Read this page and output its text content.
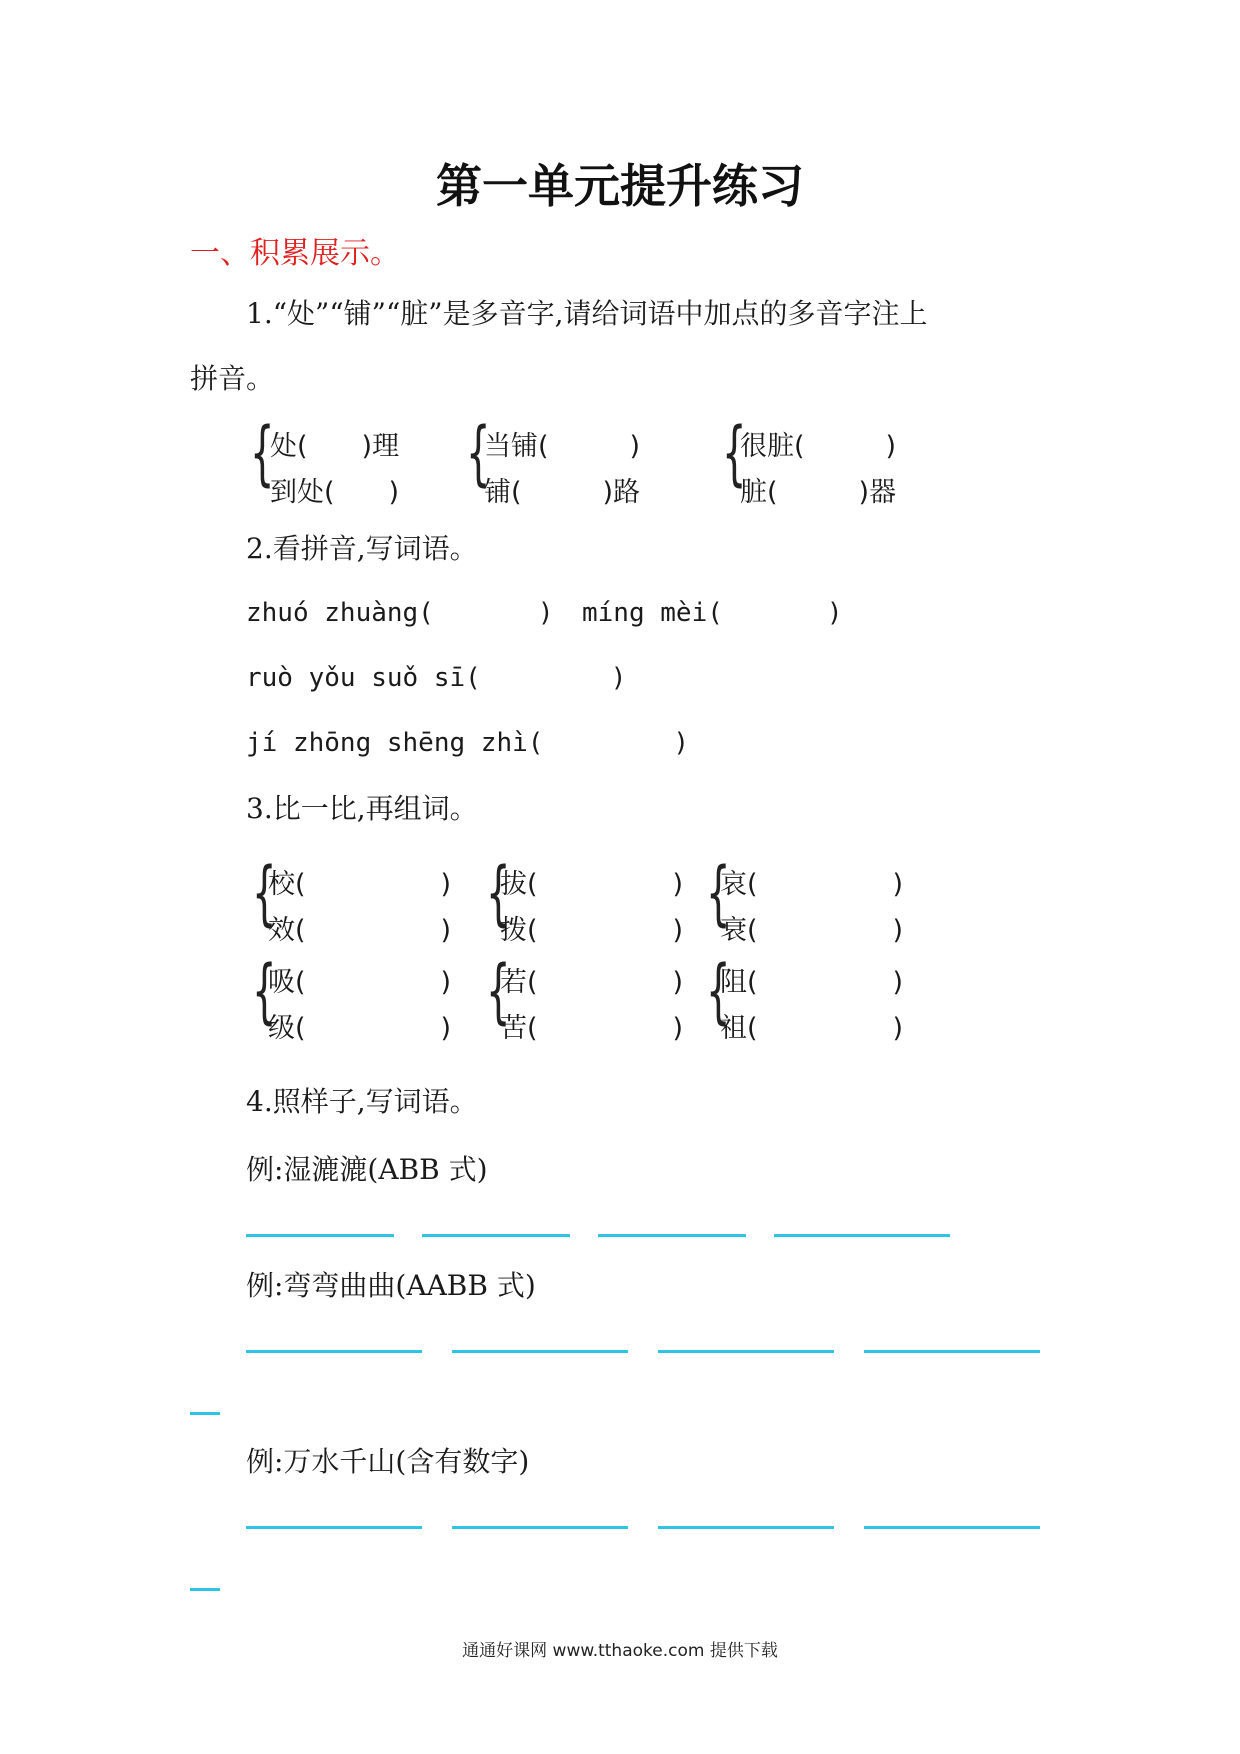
第一单元提升练习
一、积累展示。
1.“处”“铺”“脏”是多音字,请给词语中加点的多音字注上
拼音。
{
处(　　)理
到处(　　) {
当铺(　　　)
铺(　　　)路 {
很脏(　　　)
脏(　　　)器
2.看拼音,写词语。
zhuó zhuàng(　　　　) míng mèi(　　　　)
ruò yǒu suǒ sī(　　　　　)
jí zhōng shēng zhì(　　　　　)
3.比一比,再组词。
{
校(　　　　　)
效(　　　　　) {
拔(　　　　　)
拨(　　　　　) {
哀(　　　　　)
衰(　　　　　)
{
吸(　　　　　)
级(　　　　　) {
若(　　　　　)
苦(　　　　　) {
阻(　　　　　)
祖(　　　　　)
4.照样子,写词语。
例:湿漉漉(ABB 式)
例:弯弯曲曲(AABB 式)
例:万水千山(含有数字)
通通好课网 www.tthaoke.com 提供下载
